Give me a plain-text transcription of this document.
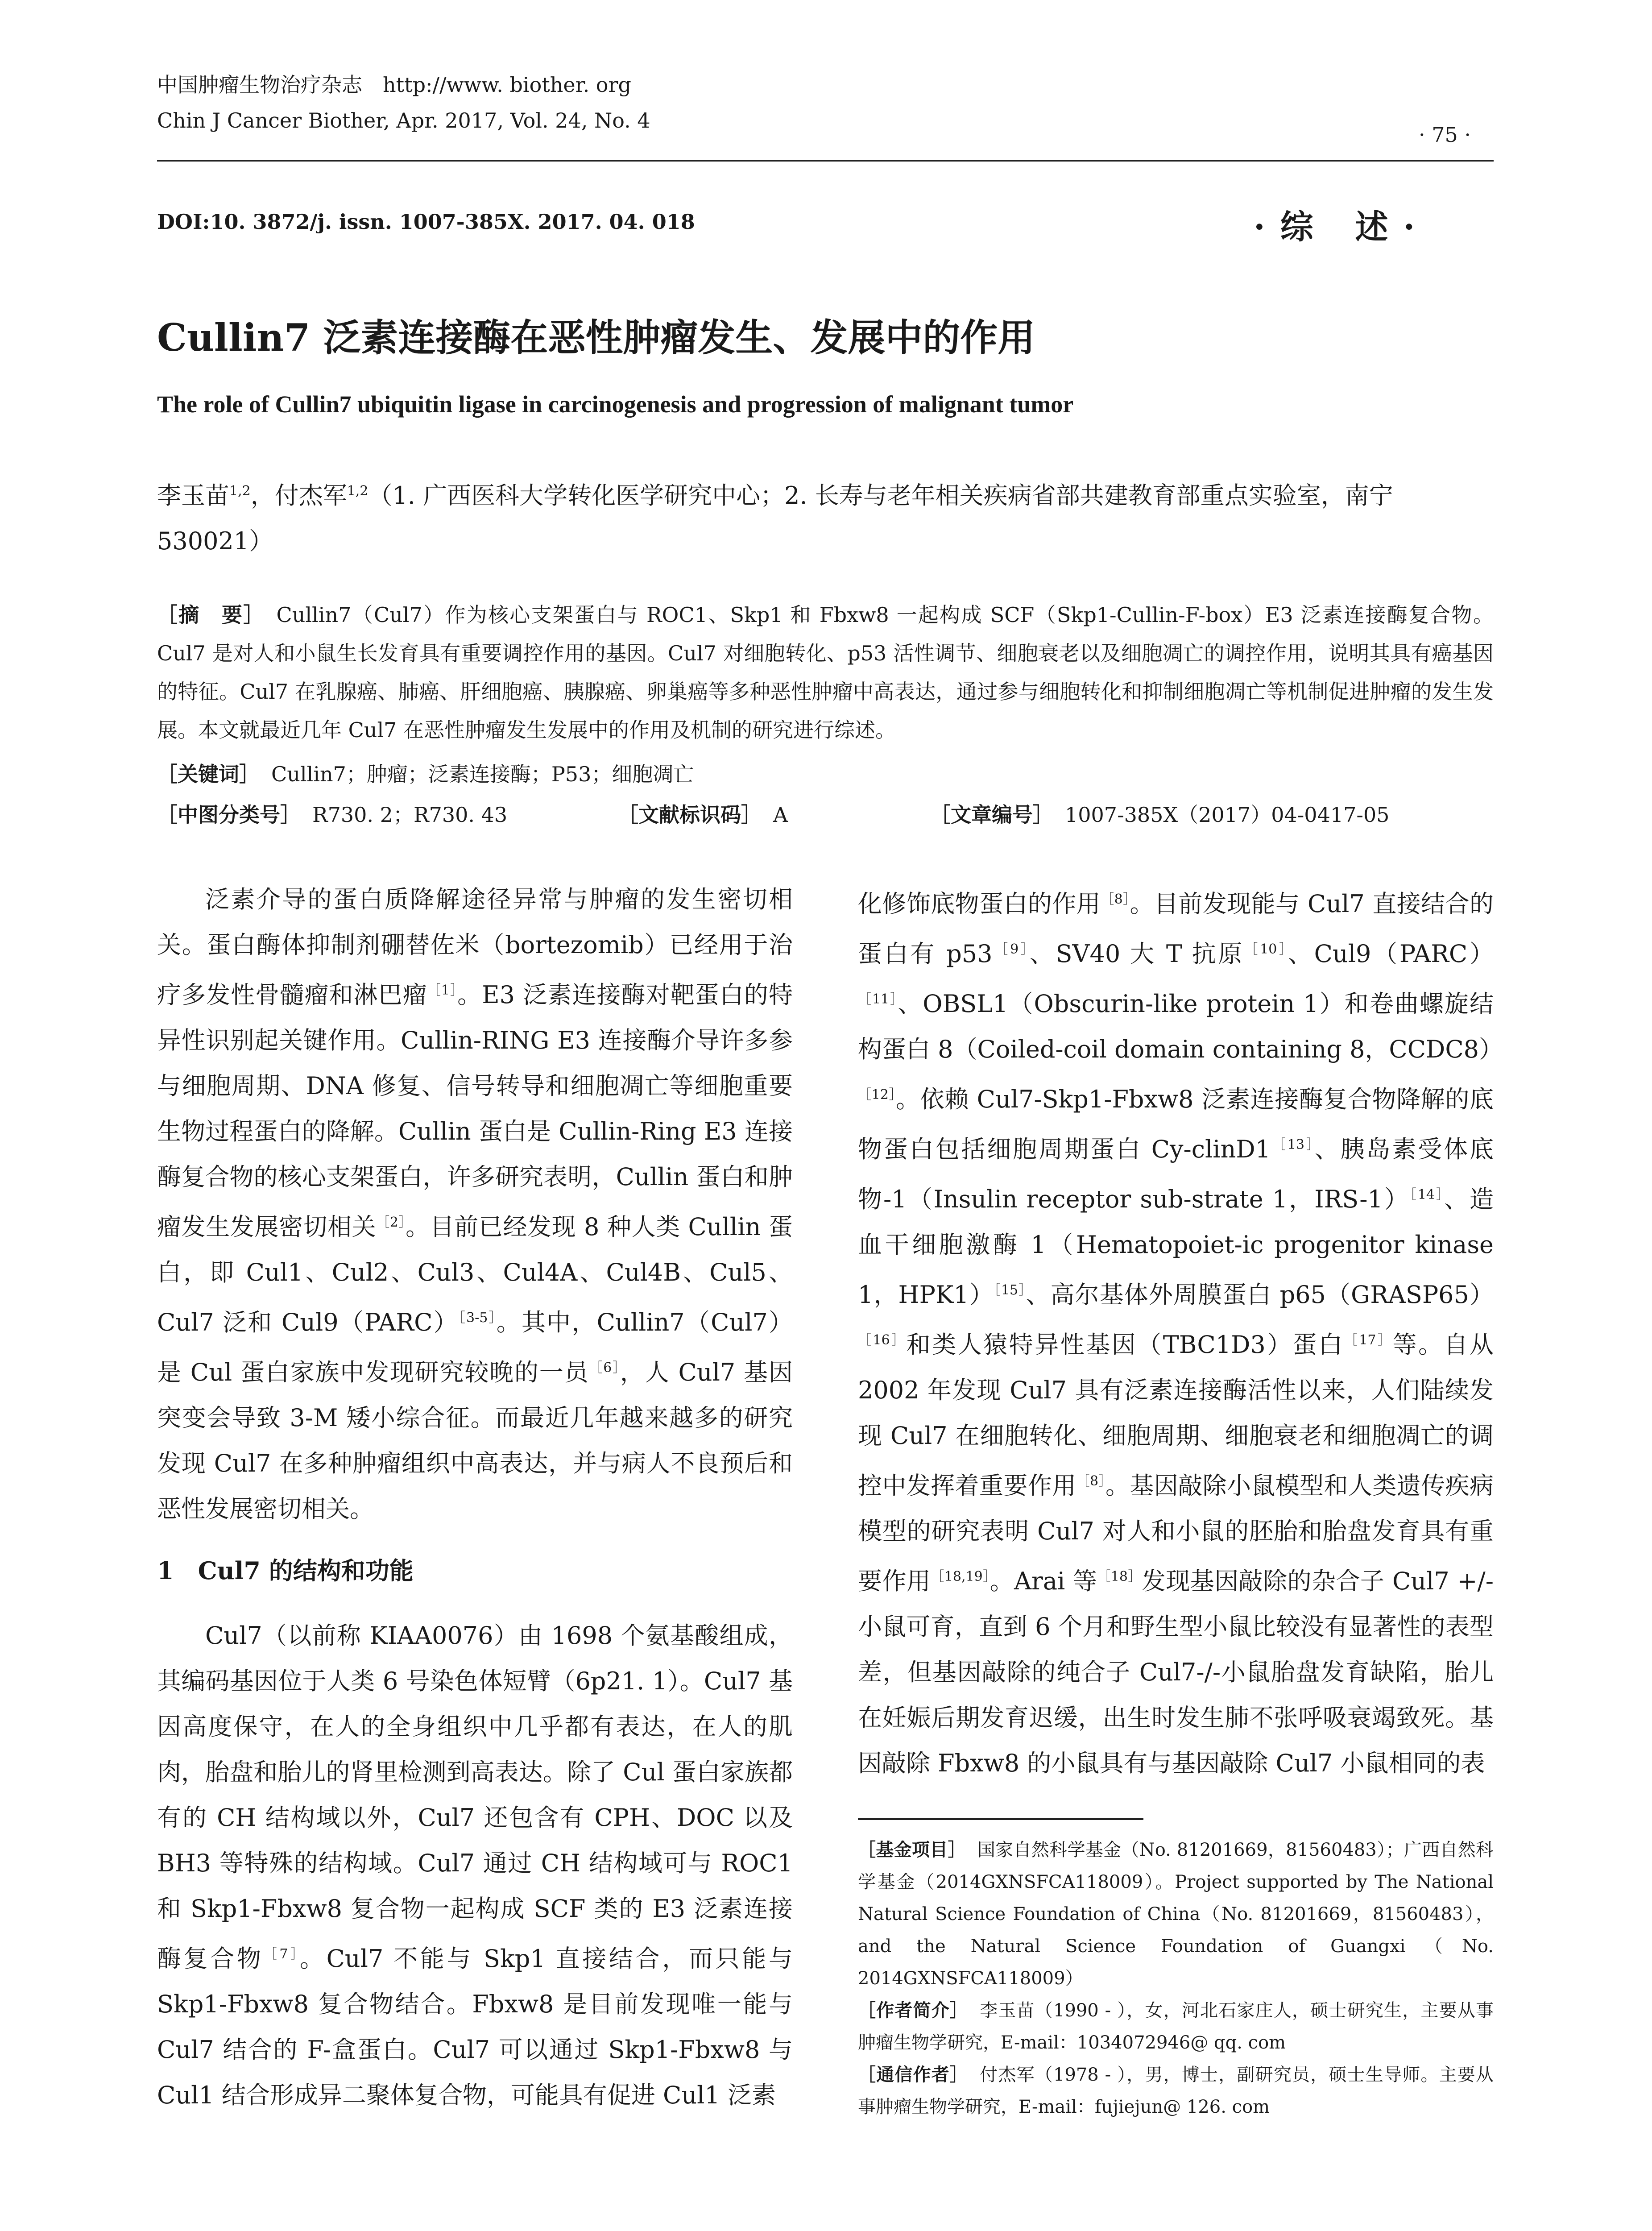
中国肿瘤生物治疗杂志　http://www. biother. org
Chin J Cancer Biother, Apr. 2017, Vol. 24, No. 4
· 75 ·
DOI:10. 3872/j. issn. 1007-385X. 2017. 04. 018	·综 述·
Cullin7 泛素连接酶在恶性肿瘤发生、发展中的作用
The role of Cullin7 ubiquitin ligase in carcinogenesis and progression of malignant tumor
李玉苗$^{1,2}$，付杰军$^{1,2}$（1. 广西医科大学转化医学研究中心；2. 长寿与老年相关疾病省部共建教育部重点实验室，南宁 530021）
［摘　要］ Cullin7（Cul7）作为核心支架蛋白与 ROC1、Skp1 和 Fbxw8 一起构成 SCF（Skp1-Cullin-F-box）E3 泛素连接酶复合物。Cul7 是对人和小鼠生长发育具有重要调控作用的基因。Cul7 对细胞转化、p53 活性调节、细胞衰老以及细胞凋亡的调控作用，说明其具有癌基因的特征。Cul7 在乳腺癌、肺癌、肝细胞癌、胰腺癌、卵巢癌等多种恶性肿瘤中高表达，通过参与细胞转化和抑制细胞凋亡等机制促进肿瘤的发生发展。本文就最近几年 Cul7 在恶性肿瘤发生发展中的作用及机制的研究进行综述。
［关键词］ Cullin7；肿瘤；泛素连接酶；P53；细胞凋亡
［中图分类号］ R730. 2；R730. 43	［文献标识码］ A	［文章编号］ 1007-385X（2017）04-0417-05

泛素介导的蛋白质降解途径异常与肿瘤的发生密切相关。蛋白酶体抑制剂硼替佐米（bortezomib）已经用于治疗多发性骨髓瘤和淋巴瘤$^{[1]}$。E3 泛素连接酶对靶蛋白的特异性识别起关键作用。Cullin-RING E3 连接酶介导许多参与细胞周期、DNA 修复、信号转导和细胞凋亡等细胞重要生物过程蛋白的降解。Cullin 蛋白是 Cullin-Ring E3 连接酶复合物的核心支架蛋白，许多研究表明，Cullin 蛋白和肿瘤发生发展密切相关$^{[2]}$。目前已经发现 8 种人类 Cullin 蛋白，即 Cul1、Cul2、Cul3、Cul4A、Cul4B、Cul5、Cul7 泛和 Cul9（PARC）$^{[3-5]}$。其中，Cullin7（Cul7）是 Cul 蛋白家族中发现研究较晚的一员$^{[6]}$，人 Cul7 基因突变会导致 3-M 矮小综合征。而最近几年越来越多的研究发现 Cul7 在多种肿瘤组织中高表达，并与病人不良预后和恶性发展密切相关。

1　Cul7 的结构和功能

Cul7（以前称 KIAA0076）由 1698 个氨基酸组成，其编码基因位于人类 6 号染色体短臂（6p21. 1）。Cul7 基因高度保守，在人的全身组织中几乎都有表达，在人的肌肉，胎盘和胎儿的肾里检测到高表达。除了 Cul 蛋白家族都有的 CH 结构域以外，Cul7 还包含有 CPH、DOC 以及 BH3 等特殊的结构域。Cul7 通过 CH 结构域可与 ROC1 和 Skp1-Fbxw8 复合物一起构成 SCF 类的 E3 泛素连接酶复合物$^{[7]}$。Cul7 不能与 Skp1 直接结合，而只能与 Skp1-Fbxw8 复合物结合。Fbxw8 是目前发现唯一能与 Cul7 结合的 F-盒蛋白。Cul7 可以通过 Skp1-Fbxw8 与 Cul1 结合形成异二聚体复合物，可能具有促进 Cul1 泛素

化修饰底物蛋白的作用$^{[8]}$。目前发现能与 Cul7 直接结合的蛋白有 p53$^{[9]}$、SV40 大 T 抗原$^{[10]}$、Cul9（PARC）$^{[11]}$、OBSL1（Obscurin-like protein 1）和卷曲螺旋结构蛋白 8（Coiled-coil domain containing 8，CCDC8）$^{[12]}$。依赖 Cul7-Skp1-Fbxw8 泛素连接酶复合物降解的底物蛋白包括细胞周期蛋白 Cy-clinD1$^{[13]}$、胰岛素受体底物-1（Insulin receptor sub-strate 1，IRS-1）$^{[14]}$、造血干细胞激酶 1（Hematopoiet-ic progenitor kinase 1，HPK1）$^{[15]}$、高尔基体外周膜蛋白 p65（GRASP65）$^{[16]}$和类人猿特异性基因（TBC1D3）蛋白$^{[17]}$等。自从 2002 年发现 Cul7 具有泛素连接酶活性以来，人们陆续发现 Cul7 在细胞转化、细胞周期、细胞衰老和细胞凋亡的调控中发挥着重要作用$^{[8]}$。基因敲除小鼠模型和人类遗传疾病模型的研究表明 Cul7 对人和小鼠的胚胎和胎盘发育具有重要作用$^{[18,19]}$。Arai 等$^{[18]}$发现基因敲除的杂合子 Cul7 +/-小鼠可育，直到 6 个月和野生型小鼠比较没有显著性的表型差，但基因敲除的纯合子 Cul7-/-小鼠胎盘发育缺陷，胎儿在妊娠后期发育迟缓，出生时发生肺不张呼吸衰竭致死。基因敲除 Fbxw8 的小鼠具有与基因敲除 Cul7 小鼠相同的表

［基金项目］ 国家自然科学基金（No. 81201669，81560483）；广西自然科学基金（2014GXNSFCA118009）。Project supported by The National Natural Science Foundation of China（No. 81201669，81560483），and the Natural Science Foundation of Guangxi（No. 2014GXNSFCA118009）

［作者简介］ 李玉苗（1990 - ），女，河北石家庄人，硕士研究生，主要从事肿瘤生物学研究，E-mail：1034072946@ qq. com

［通信作者］ 付杰军（1978 - ），男，博士，副研究员，硕士生导师。主要从事肿瘤生物学研究，E-mail：fujiejun@ 126. com
